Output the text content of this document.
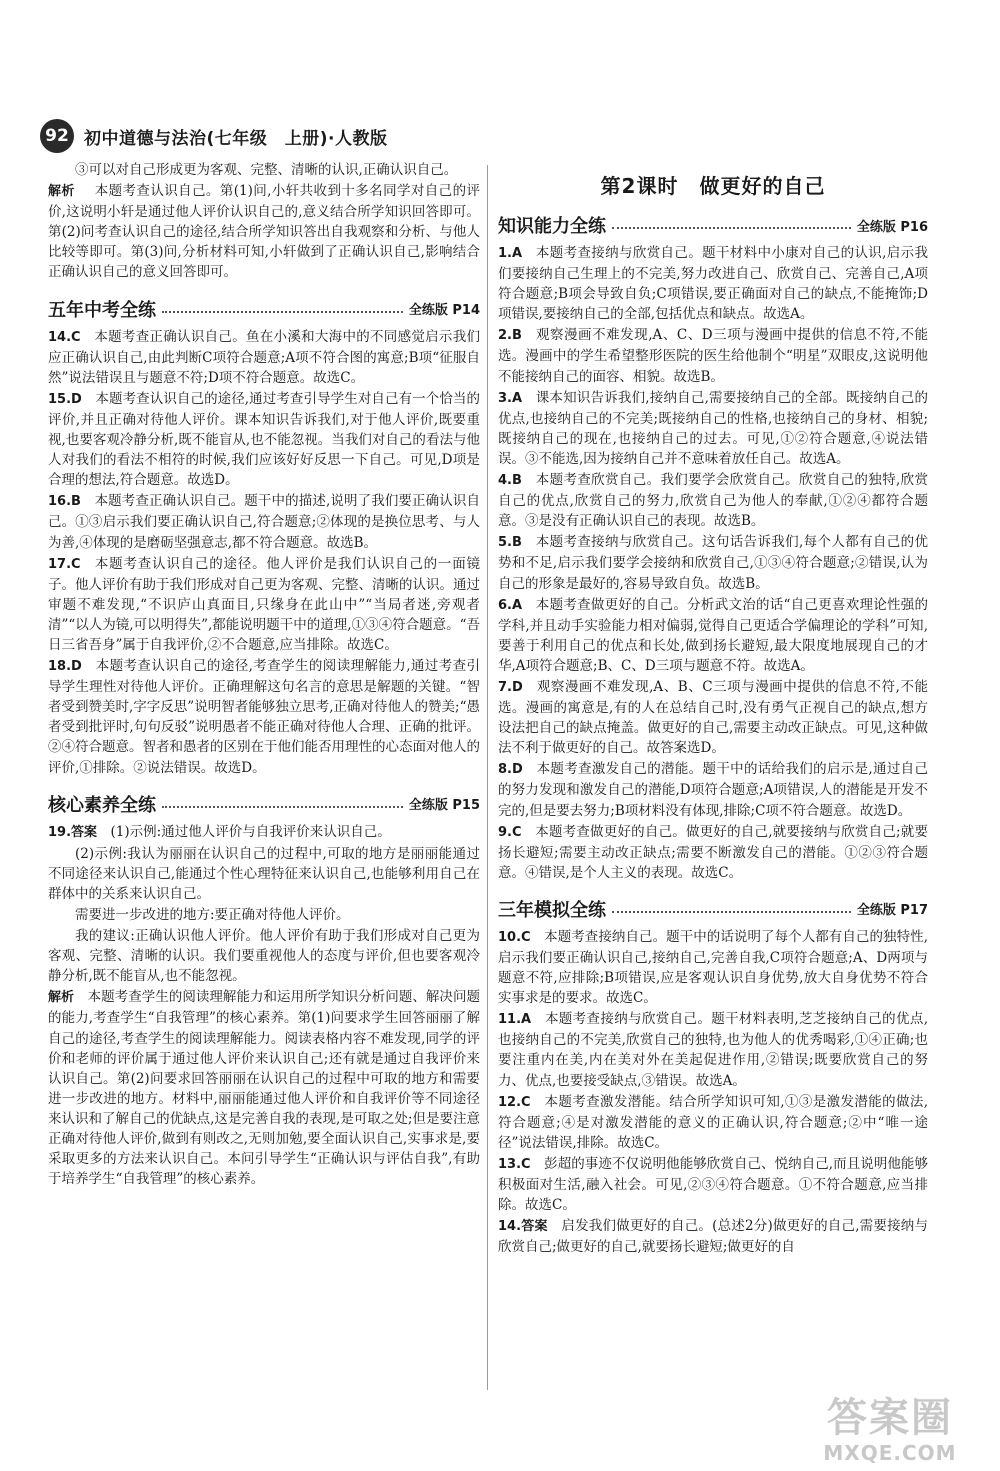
92 初中道德与法治(七年级　上册)·人教版

③可以对自己形成更为客观、完整、清晰的认识,正确认识自己。

解析  本题考查认识自己。第(1)问,小轩共收到十多名同学对自己的评价,这说明小轩是通过他人评价认识自己的,意义结合所学知识回答即可。第(2)问考查认识自己的途径,结合所学知识答出自我观察和分析、与他人比较等即可。第(3)问,分析材料可知,小轩做到了正确认识自己,影响结合正确认识自己的意义回答即可。

五年中考全练	全练版 P14

14.C  本题考查正确认识自己。鱼在小溪和大海中的不同感觉启示我们应正确认识自己,由此判断C项符合题意;A项不符合图的寓意;B项“征服自然”说法错误且与题意不符;D项不符合题意。故选C。

15.D  本题考查认识自己的途径,通过考查引导学生对自己有一个恰当的评价,并且正确对待他人评价。课本知识告诉我们,对于他人评价,既要重视,也要客观冷静分析,既不能盲从,也不能忽视。当我们对自己的看法与他人对我们的看法不相符的时候,我们应该好好反思一下自己。可见,D项是合理的想法,符合题意。故选D。

16.B  本题考查正确认识自己。题干中的描述,说明了我们要正确认识自己。①③启示我们要正确认识自己,符合题意;②体现的是换位思考、与人为善,④体现的是磨砺坚强意志,都不符合题意。故选B。

17.C  本题考查认识自己的途径。他人评价是我们认识自己的一面镜子。他人评价有助于我们形成对自己更为客观、完整、清晰的认识。通过审题不难发现,“不识庐山真面目,只缘身在此山中”“当局者迷,旁观者清”“以人为镜,可以明得失”,都能说明题干中的道理,①③④符合题意。“吾日三省吾身”属于自我评价,②不合题意,应当排除。故选C。

18.D  本题考查认识自己的途径,考查学生的阅读理解能力,通过考查引导学生理性对待他人评价。正确理解这句名言的意思是解题的关键。“智者受到赞美时,字字反思”说明智者能够独立思考,正确对待他人的赞美;“愚者受到批评时,句句反驳”说明愚者不能正确对待他人合理、正确的批评。②④符合题意。智者和愚者的区别在于他们能否用理性的心态面对他人的评价,①排除。②说法错误。故选D。

核心素养全练	全练版 P15

19.答案  (1)示例:通过他人评价与自我评价来认识自己。

(2)示例:我认为丽丽在认识自己的过程中,可取的地方是丽丽能通过不同途径来认识自己,能通过个性心理特征来认识自己,也能够利用自己在群体中的关系来认识自己。

需要进一步改进的地方:要正确对待他人评价。

我的建议:正确认识他人评价。他人评价有助于我们形成对自己更为客观、完整、清晰的认识。我们要重视他人的态度与评价,但也要客观冷静分析,既不能盲从,也不能忽视。

解析  本题考查学生的阅读理解能力和运用所学知识分析问题、解决问题的能力,考查学生“自我管理”的核心素养。第(1)问要求学生回答丽丽了解自己的途径,考查学生的阅读理解能力。阅读表格内容不难发现,同学的评价和老师的评价属于通过他人评价来认识自己;还有就是通过自我评价来认识自己。第(2)问要求回答丽丽在认识自己的过程中可取的地方和需要进一步改进的地方。材料中,丽丽能通过他人评价和自我评价等不同途径来认识和了解自己的优缺点,这是完善自我的表现,是可取之处;但是要注意正确对待他人评价,做到有则改之,无则加勉,要全面认识自己,实事求是,要采取更多的方法来认识自己。本问引导学生“正确认识与评估自我”,有助于培养学生“自我管理”的核心素养。

第2课时　做更好的自己
知识能力全练	全练版 P16

1.A  本题考查接纳与欣赏自己。题干材料中小康对自己的认识,启示我们要接纳自己生理上的不完美,努力改进自己、欣赏自己、完善自己,A项符合题意;B项会导致自负;C项错误,要正确面对自己的缺点,不能掩饰;D项错误,要接纳自己的全部,包括优点和缺点。故选A。

2.B  观察漫画不难发现,A、C、D三项与漫画中提供的信息不符,不能选。漫画中的学生希望整形医院的医生给他制个“明星”双眼皮,这说明他不能接纳自己的面容、相貌。故选B。

3.A  课本知识告诉我们,接纳自己,需要接纳自己的全部。既接纳自己的优点,也接纳自己的不完美;既接纳自己的性格,也接纳自己的身材、相貌;既接纳自己的现在,也接纳自己的过去。可见,①②符合题意,④说法错误。③不能选,因为接纳自己并不意味着放任自己。故选A。

4.B  本题考查欣赏自己。我们要学会欣赏自己。欣赏自己的独特,欣赏自己的优点,欣赏自己的努力,欣赏自己为他人的奉献,①②④都符合题意。③是没有正确认识自己的表现。故选B。

5.B  本题考查接纳与欣赏自己。这句话告诉我们,每个人都有自己的优势和不足,启示我们要学会接纳和欣赏自己,①③④符合题意;②错误,认为自己的形象是最好的,容易导致自负。故选B。

6.A  本题考查做更好的自己。分析武文治的话“自己更喜欢理论性强的学科,并且动手实验能力相对偏弱,觉得自己更适合学偏理论的学科”可知,要善于利用自己的优点和长处,做到扬长避短,最大限度地展现自己的才华,A项符合题意;B、C、D三项与题意不符。故选A。

7.D  观察漫画不难发现,A、B、C三项与漫画中提供的信息不符,不能选。漫画的寓意是,有的人在总结自己时,没有勇气正视自己的缺点,想方设法把自己的缺点掩盖。做更好的自己,需要主动改正缺点。可见,这种做法不利于做更好的自己。故答案选D。

8.D  本题考查激发自己的潜能。题干中的话给我们的启示是,通过自己的努力发现和激发自己的潜能,D项符合题意;A项错误,人的潜能是开发不完的,但是要去努力;B项材料没有体现,排除;C项不符合题意。故选D。

9.C  本题考查做更好的自己。做更好的自己,就要接纳与欣赏自己;就要扬长避短;需要主动改正缺点;需要不断激发自己的潜能。①②③符合题意。④错误,是个人主义的表现。故选C。

三年模拟全练	全练版 P17

10.C  本题考查接纳自己。题干中的话说明了每个人都有自己的独特性,启示我们要正确认识自己,接纳自己,完善自我,C项符合题意;A、D两项与题意不符,应排除;B项错误,应是客观认识自身优势,放大自身优势不符合实事求是的要求。故选C。

11.A  本题考查接纳与欣赏自己。题干材料表明,芝芝接纳自己的优点,也接纳自己的不完美,欣赏自己的独特,也为他人的优秀喝彩,①④正确;也要注重内在美,内在美对外在美起促进作用,②错误;既要欣赏自己的努力、优点,也要接受缺点,③错误。故选A。

12.C  本题考查激发潜能。结合所学知识可知,①③是激发潜能的做法,符合题意;④是对激发潜能的意义的正确认识,符合题意;②中“唯一途径”说法错误,排除。故选C。

13.C  彭超的事迹不仅说明他能够欣赏自己、悦纳自己,而且说明他能够积极面对生活,融入社会。可见,②③④符合题意。①不符合题意,应当排除。故选C。

14.答案  启发我们做更好的自己。(总述2分)做更好的自己,需要接纳与欣赏自己;做更好的自己,就要扬长避短;做更好的自

答案圈
MXQE.COM
